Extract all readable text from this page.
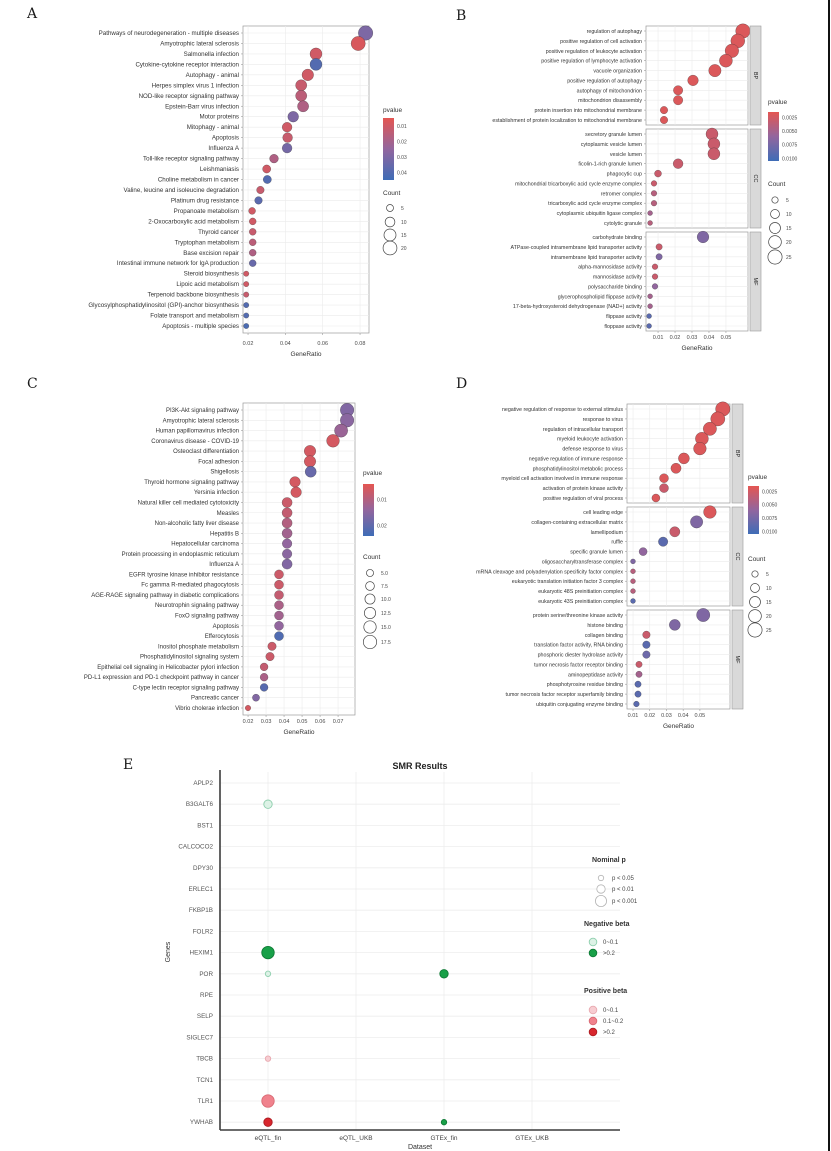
A	B
C	D
E
Pathways of neurodegeneration - multiple diseases
Amyotrophic lateral sclerosis
Salmonella infection
Cytokine-cytokine receptor interaction
Autophagy - animal
Herpes simplex virus 1 infection
NOD-like receptor signaling pathway
Epstein-Barr virus infection
Motor proteins
Mitophagy - animal
Apoptosis
Influenza A
Toll-like receptor signaling pathway
Leishmaniasis
Choline metabolism in cancer
Valine, leucine and isoleucine degradation
Platinum drug resistance
Propanoate metabolism
2-Oxocarboxylic acid metabolism
Thyroid cancer
Tryptophan metabolism
Base excision repair
Intestinal immune network for IgA production
Steroid biosynthesis
Lipoic acid metabolism
Terpenoid backbone biosynthesis
Glycosylphosphatidylinositol (GPI)-anchor biosynthesis
Folate transport and metabolism
Apoptosis - multiple species
0.02	0.04	0.06	0.08
GeneRatio
pvalue
0.01
0.02
0.03
0.04
Count
5
10
15
20
regulation of autophagy
positive regulation of cell activation
positive regulation of leukocyte activation
positive regulation of lymphocyte activation
vacuole organization
positive regulation of autophagy
autophagy of mitochondrion
mitochondrion disassembly
protein insertion into mitochondrial membrane
establishment of protein localization to mitochondrial membrane
BP
secretory granule lumen
cytoplasmic vesicle lumen
vesicle lumen
ficolin-1-rich granule lumen
phagocytic cup
mitochondrial tricarboxylic acid cycle enzyme complex
retromer complex
tricarboxylic acid cycle enzyme complex
cytoplasmic ubiquitin ligase complex
cytolytic granule
CC
carbohydrate binding
ATPase-coupled intramembrane lipid transporter activity
intramembrane lipid transporter activity
alpha-mannosidase activity
mannosidase activity
polysaccharide binding
glycerophospholipid flippase activity
17-beta-hydroxysteroid dehydrogenase (NAD+) activity
flippase activity
floppase activity
MF
0.01 0.02 0.03 0.04 0.05
GeneRatio
pvalue
0.0025
0.0050
0.0075
0.0100
Count
5
10
15
20
25
PI3K-Akt signaling pathway
Amyotrophic lateral sclerosis
Human papillomavirus infection
Coronavirus disease - COVID-19
Osteoclast differentiation
Focal adhesion
Shigellosis
Thyroid hormone signaling pathway
Yersinia infection
Natural killer cell mediated cytotoxicity
Measles
Non-alcoholic fatty liver disease
Hepatitis B
Hepatocellular carcinoma
Protein processing in endoplasmic reticulum
Influenza A
EGFR tyrosine kinase inhibitor resistance
Fc gamma R-mediated phagocytosis
AGE-RAGE signaling pathway in diabetic complications
Neurotrophin signaling pathway
FoxO signaling pathway
Apoptosis
Efferocytosis
Inositol phosphate metabolism
Phosphatidylinositol signaling system
Epithelial cell signaling in Helicobacter pylori infection
PD-L1 expression and PD-1 checkpoint pathway in cancer
C-type lectin receptor signaling pathway
Pancreatic cancer
Vibrio cholerae infection
0.02 0.03 0.04 0.05 0.06 0.07
GeneRatio
pvalue
0.01
0.02
Count
5.0
7.5
10.0
12.5
15.0
17.5
negative regulation of response to external stimulus
response to virus
regulation of intracellular transport
myeloid leukocyte activation
defense response to virus
negative regulation of immune response
phosphatidylinositol metabolic process
myeloid cell activation involved in immune response
activation of protein kinase activity
positive regulation of viral process
BP
cell leading edge
collagen-containing extracellular matrix
lamellipodium
ruffle
specific granule lumen
oligosaccharyltransferase complex
mRNA cleavage and polyadenylation specificity factor complex
eukaryotic translation initiation factor 3 complex
eukaryotic 48S preinitiation complex
eukaryotic 43S preinitiation complex
CC
protein serine/threonine kinase activity
histone binding
collagen binding
translation factor activity, RNA binding
phosphoric diester hydrolase activity
tumor necrosis factor receptor binding
aminopeptidase activity
phosphotyrosine residue binding
tumor necrosis factor receptor superfamily binding
ubiquitin conjugating enzyme binding
MF
0.01 0.02 0.03 0.04 0.05
GeneRatio
pvalue
0.0025
0.0050
0.0075
0.0100
Count
5
10
15
20
25
SMR Results
APLP2
B3GALT6
BST1
CALCOCO2
DPY30
ERLEC1
FKBP1B
FOLR2
HEXIM1
POR
RPE
SELP
SIGLEC7
TBCB
TCN1
TLR1
YWHAB
eQTL_fin	eQTL_UKB	GTEx_fin	GTEx_UKB
Dataset
Genes
Nominal p
p < 0.05
p < 0.01
p < 0.001
Negative beta
0~0.1
>0.2
Positive beta
0~0.1
0.1~0.2
>0.2
